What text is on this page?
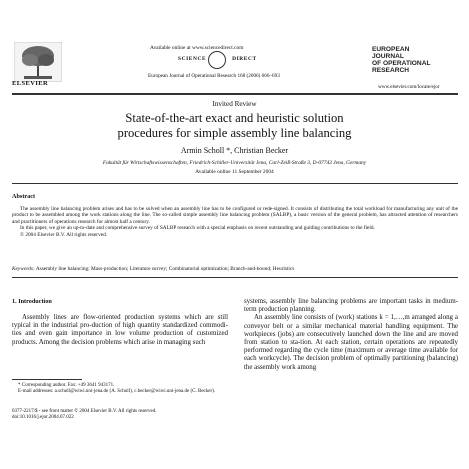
ELSEVIER
Available online at www.sciencedirect.com
SCIENCE	DIRECT
European Journal of Operational Research 168 (2006) 666–693
EUROPEAN
JOURNAL
OF OPERATIONAL
RESEARCH
www.elsevier.com/locate/ejor
Invited Review
State-of-the-art exact and heuristic solution
procedures for simple assembly line balancing
Armin Scholl *, Christian Becker
Fakultät für Wirtschaftswissenschaften, Friedrich-Schiller-Universität Jena, Carl-Zeiß-Straße 3, D-07743 Jena, Germany
Available online 11 September 2004
Abstract

The assembly line balancing problem arises and has to be solved when an assembly line has to be configured or rede-signed. It consists of distributing the total workload for manufacturing any unit of the product to be assembled among the work stations along the line. The so-called simple assembly line balancing problem (SALBP), a basic version of the general problem, has attracted attention of researchers and practitioners of operations research for almost half a century.

In this paper, we give an up-to-date and comprehensive survey of SALBP research with a special emphasis on recent outstanding and guiding contributions to the field.

© 2004 Elsevier B.V. All rights reserved.

Keywords: Assembly line balancing; Mass-production; Literature survey; Combinatorial optimization; Branch-and-bound; Heuristics
1. Introduction

Assembly lines are flow-oriented production systems which are still typical in the industrial pro-duction of high quantity standardized commodi-ties and even gain importance in low volume production of customized products. Among the decision problems which arise in managing such

systems, assembly line balancing problems are important tasks in medium-term production planning.

An assembly line consists of (work) stations k = 1,…,m arranged along a conveyor belt or a similar mechanical material handling equipment. The workpieces (jobs) are consecutively launched down the line and are moved from station to sta-tion. At each station, certain operations are repeatedly performed regarding the cycle time (maximum or average time available for each workcycle). The decision problem of optimally partitioning (balancing) the assembly work among

* Corresponding author. Fax: +49 3641 943171.
E-mail addresses: a.scholl@wiwi.uni-jena.de (A. Scholl), c.becker@wiwi.uni-jena.de (C. Becker).
0377-2217/$ - see front matter © 2004 Elsevier B.V. All rights reserved.
doi:10.1016/j.ejor.2004.07.022
